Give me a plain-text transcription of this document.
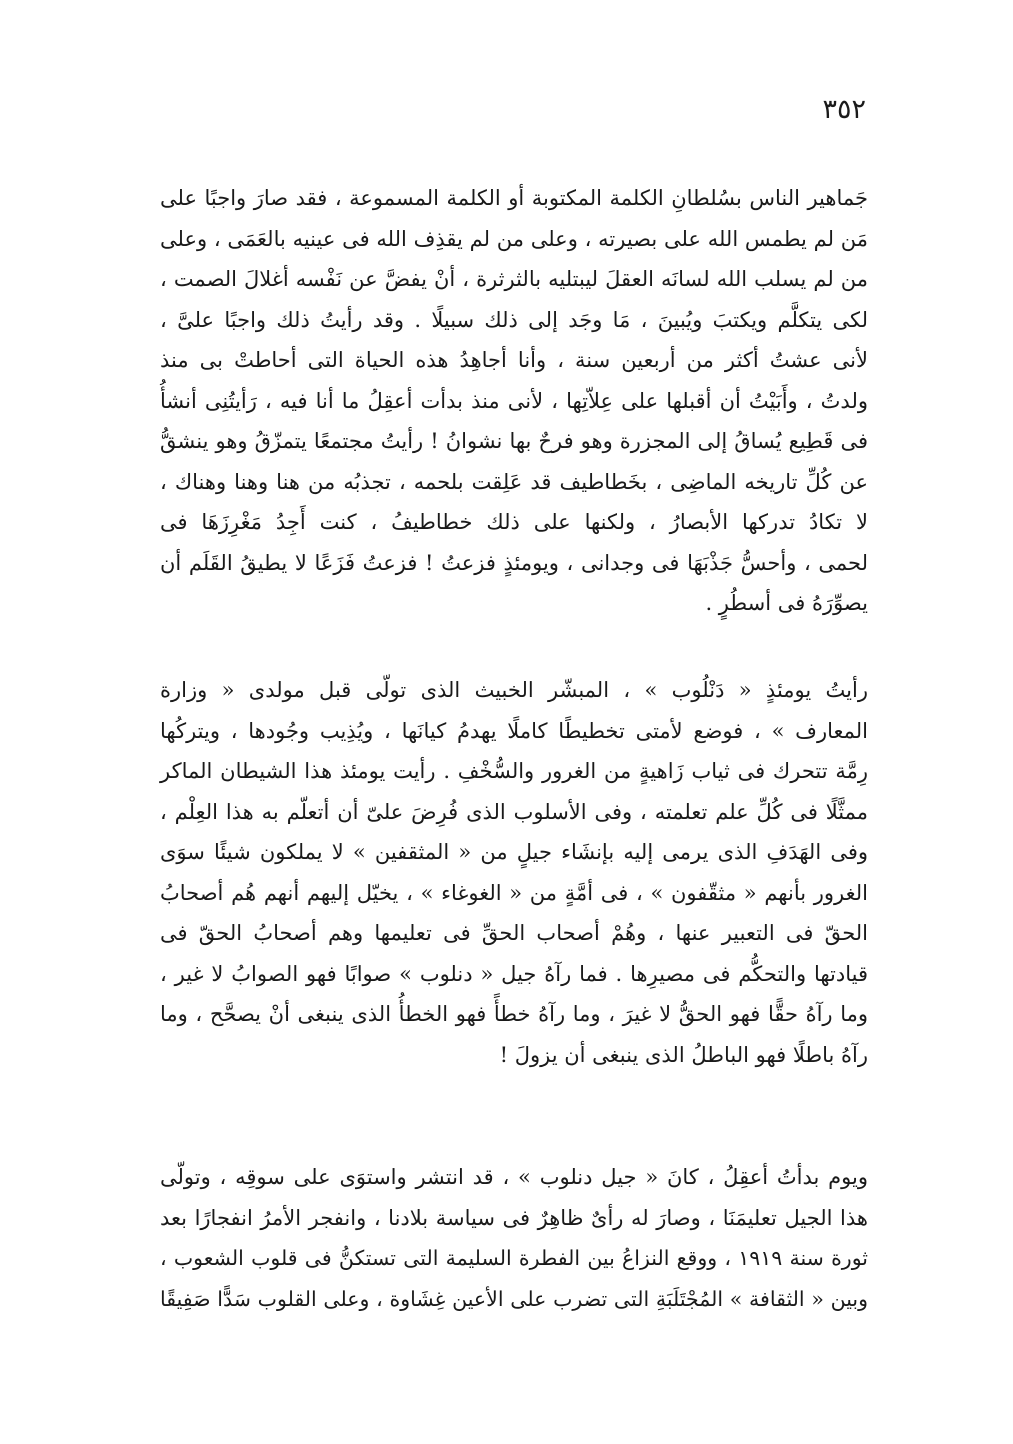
٣٥٢
جَماهير الناس بسُلطانِ الكلمة المكتوبة أو الكلمة المسموعة ، فقد صارَ واجبًا على
مَن لم يطمس الله على بصيرته ، وعلى من لم يقذِف الله فى عينيه بالعَمَى ، وعلى
من لم يسلب الله لسانَه العقلَ ليبتليه بالثرثرة ، أنْ يفضَّ عن نَفْسه أغلالَ الصمت ،
لكى يتكلَّم ويكتبَ ويُبينَ ، مَا وجَد إلى ذلك سبيلًا . وقد رأيتُ ذلك واجبًا علىَّ ،
لأنى عشتُ أكثر من أربعين سنة ، وأنا أجاهِدُ هذه الحياة التى أحاطتْ بى منذ
ولدتُ ، وأَبَيْتُ أن أقبلها على عِلاّتِها ، لأنى منذ بدأت أعقِلُ ما أنا فيه ، رَأيتُنِى أنشأُ
فى قَطِيع يُساقُ إلى المجزرة وهو فرحٌ بها نشوانُ ! رأيتُ مجتمعًا يتمزّقُ وهو ينشقُّ
عن كُلِّ تاريخه الماضِى ، بخَطاطيف قد عَلِقت بلحمه ، تجذبُه من هنا وهنا وهناك ،
لا تكادُ تدركها الأبصارُ ، ولكنها على ذلك خطاطيفُ ، كنت أَجِدُ مَغْرِزَهَا فى
لحمى ، وأحسُّ جَذْبَهَا فى وجدانى ، ويومئذٍ فزعتُ ! فزعتُ فَزَعًا لا يطيقُ القَلَم أن
يصوِّرَهُ فى أسطُرٍ .
رأيتُ يومئذٍ « دَنْلُوب » ، المبشّر الخبيث الذى تولّى قبل مولدى « وزارة
المعارف » ، فوضع لأمتى تخطيطًا كاملًا يهدمُ كيانَها ، ويُذِيب وجُودها ، ويتركُها
رِمَّة تتحرك فى ثياب زَاهيةٍ من الغرور والسُّخْفِ . رأيت يومئذ هذا الشيطان الماكر
ممثَّلًا فى كُلِّ علم تعلمته ، وفى الأسلوب الذى فُرِضَ علىّ أن أتعلّم به هذا العِلْم ،
وفى الهَدَفِ الذى يرمى إليه بإنشَاء جيلٍ من « المثقفين » لا يملكون شيئًا سوَى
الغرور بأنهم « مثقّفون » ، فى أمَّةٍ من « الغوغاء » ، يخيّل إليهم أنهم هُم أصحابُ
الحقّ فى التعبير عنها ، وهُمْ أصحاب الحقِّ فى تعليمها وهم أصحابُ الحقّ فى
قيادتها والتحكُّم فى مصيرِها . فما رآهُ جيل « دنلوب » صوابًا فهو الصوابُ لا غير ،
وما رآهُ حقًّا فهو الحقُّ لا غيرَ ، وما رآهُ خطأً فهو الخطأُ الذى ينبغى أنْ يصحَّح ، وما
رآهُ باطلًا فهو الباطلُ الذى ينبغى أن يزولَ !
ويوم بدأتُ أعقِلُ ، كانَ « جيل دنلوب » ، قد انتشر واستوَى على سوقِه ، وتولّى
هذا الجيل تعليمَنَا ، وصارَ له رأىٌ ظاهِرٌ فى سياسة بلادنا ، وانفجر الأمرُ انفجارًا بعد
ثورة سنة ١٩١٩ ، ووقع النزاعُ بين الفطرة السليمة التى تستكنُّ فى قلوب الشعوب ،
وبين « الثقافة » المُجْتَلَبَةِ التى تضرب على الأعين غِشَاوة ، وعلى القلوب سَدًّا صَفِيقًا
